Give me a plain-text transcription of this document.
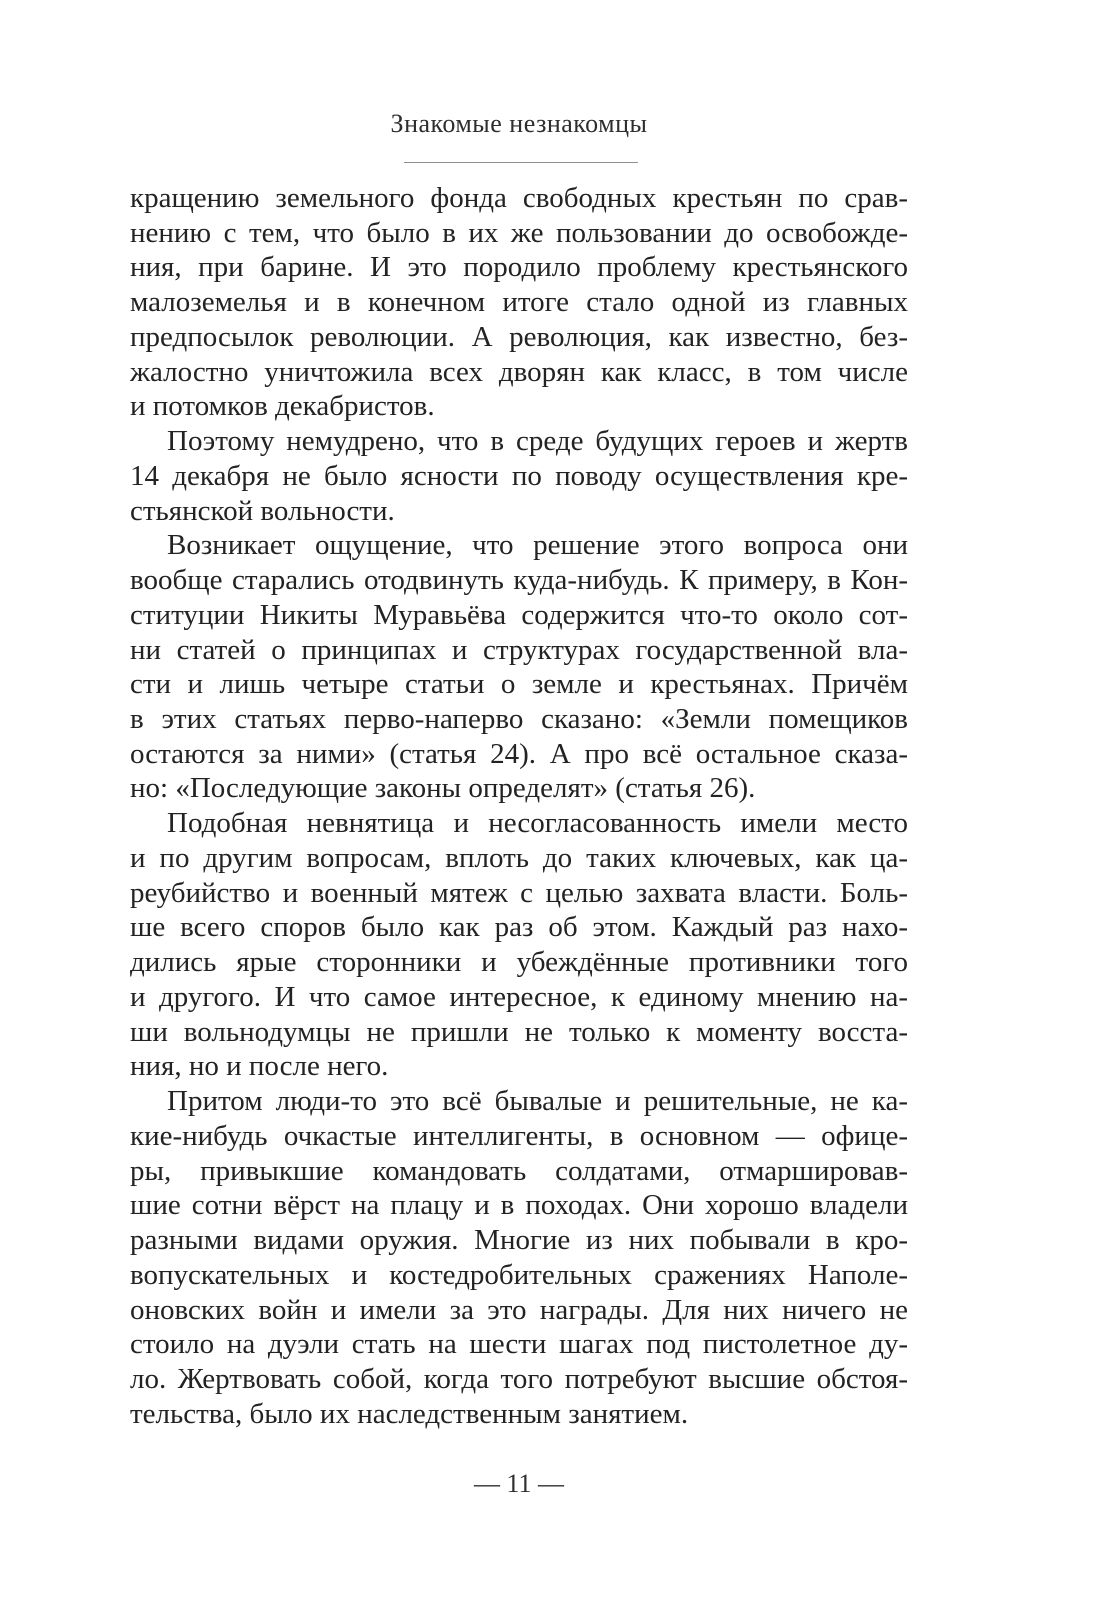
Знакомые незнакомцы
кращению земельного фонда свободных крестьян по срав-
нению с тем, что было в их же пользовании до освобожде-
ния, при барине. И это породило проблему крестьянского
малоземелья и в конечном итоге стало одной из главных
предпосылок революции. А революция, как известно, без-
жалостно уничтожила всех дворян как класс, в том числе
и потомков декабристов.
Поэтому немудрено, что в среде будущих героев и жертв
14 декабря не было ясности по поводу осуществления кре-
стьянской вольности.
Возникает ощущение, что решение этого вопроса они
вообще старались отодвинуть куда-нибудь. К примеру, в Кон-
ституции Никиты Муравьёва содержится что-то около сот-
ни статей о принципах и структурах государственной вла-
сти и лишь четыре статьи о земле и крестьянах. Причём
в этих статьях перво-наперво сказано: «Земли помещиков
остаются за ними» (статья 24). А про всё остальное сказа-
но: «Последующие законы определят» (статья 26).
Подобная невнятица и несогласованность имели место
и по другим вопросам, вплоть до таких ключевых, как ца-
реубийство и военный мятеж с целью захвата власти. Боль-
ше всего споров было как раз об этом. Каждый раз нахо-
дились ярые сторонники и убеждённые противники того
и другого. И что самое интересное, к единому мнению на-
ши вольнодумцы не пришли не только к моменту восста-
ния, но и после него.
Притом люди-то это всё бывалые и решительные, не ка-
кие-нибудь очкастые интеллигенты, в основном — офице-
ры, привыкшие командовать солдатами, отмаршировав-
шие сотни вёрст на плацу и в походах. Они хорошо владели
разными видами оружия. Многие из них побывали в кро-
вопускательных и костедробительных сражениях Наполе-
оновских войн и имели за это награды. Для них ничего не
стоило на дуэли стать на шести шагах под пистолетное ду-
ло. Жертвовать собой, когда того потребуют высшие обстоя-
тельства, было их наследственным занятием.
— 11 —
